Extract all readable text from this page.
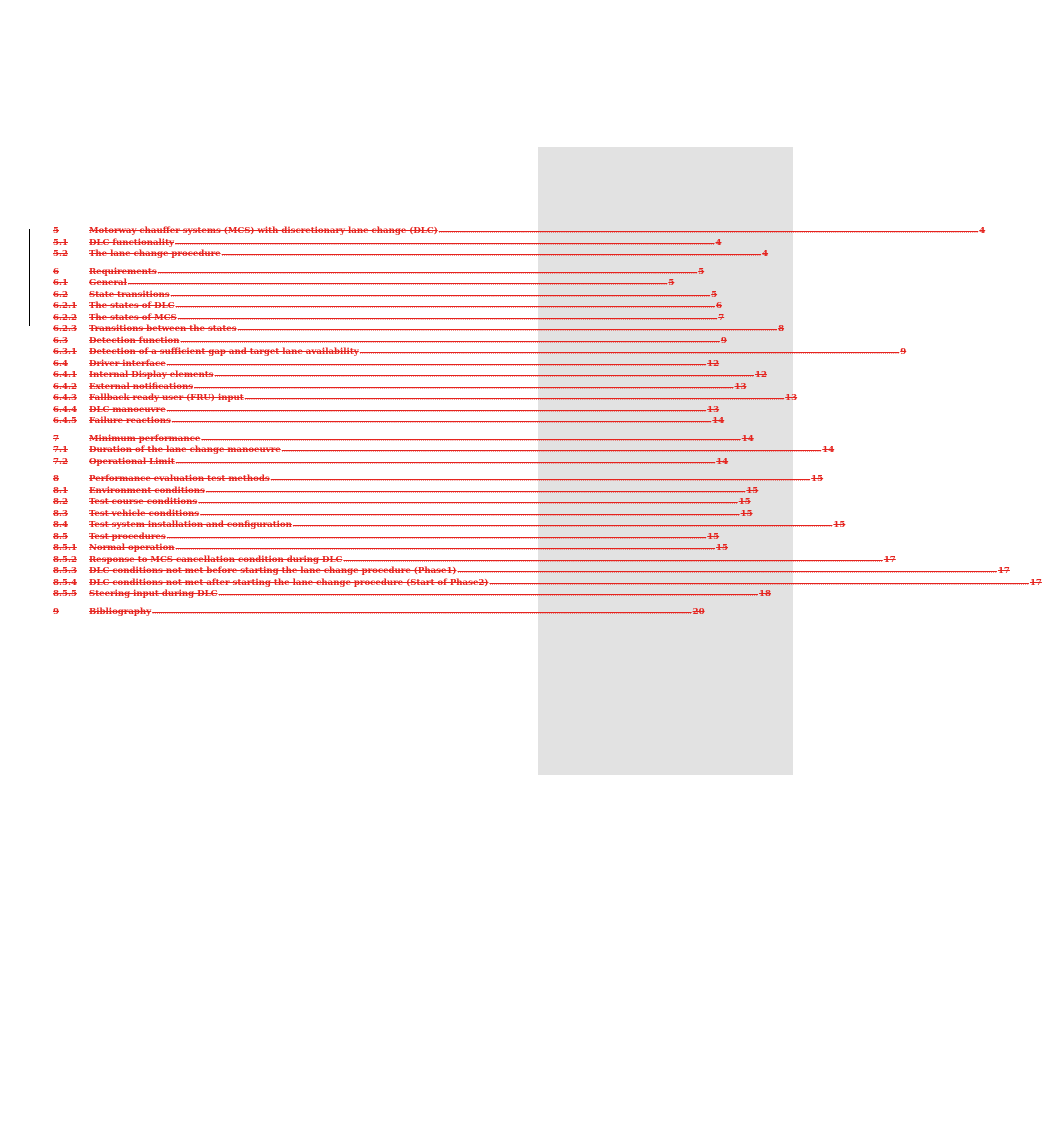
5	Motorway chauffer systems (MCS) with discretionary lane change (DLC) .....	4
5.1	DLC functionality .....	4
5.2	The lane change procedure .....	4
6	Requirements .....	5
6.1	General .....	5
6.2	State transitions .....	5
6.2.1	The states of DLC .....	6
6.2.2	The states of MCS .....	7
6.2.3	Transitions between the states .....	8
6.3	Detection function .....	9
6.3.1	Detection of a sufficient gap and target lane availability .....	9
6.4	Driver interface .....	12
6.4.1	Internal Display elements .....	12
6.4.2	External notifications .....	13
6.4.3	Fallback ready user (FRU) input .....	13
6.4.4	DLC manoeuvre .....	13
6.4.5	Failure reactions .....	14
7	Minimum performance .....	14
7.1	Duration of the lane change manoeuvre .....	14
7.2	Operational Limit .....	14
8	Performance evaluation test methods .....	15
8.1	Environment conditions .....	15
8.2	Test course conditions .....	15
8.3	Test vehicle conditions .....	15
8.4	Test system installation and configuration .....	15
8.5	Test procedures .....	15
8.5.1	Normal operation .....	15
8.5.2	Response to MCS cancellation condition during DLC .....	17
8.5.3	DLC conditions not met before starting the lane change procedure (Phase1) .....	17
8.5.4	DLC conditions not met after starting the lane change procedure (Start of Phase2) .....	17
8.5.5	Steering input during DLC .....	18
9	Bibliography .....	20
